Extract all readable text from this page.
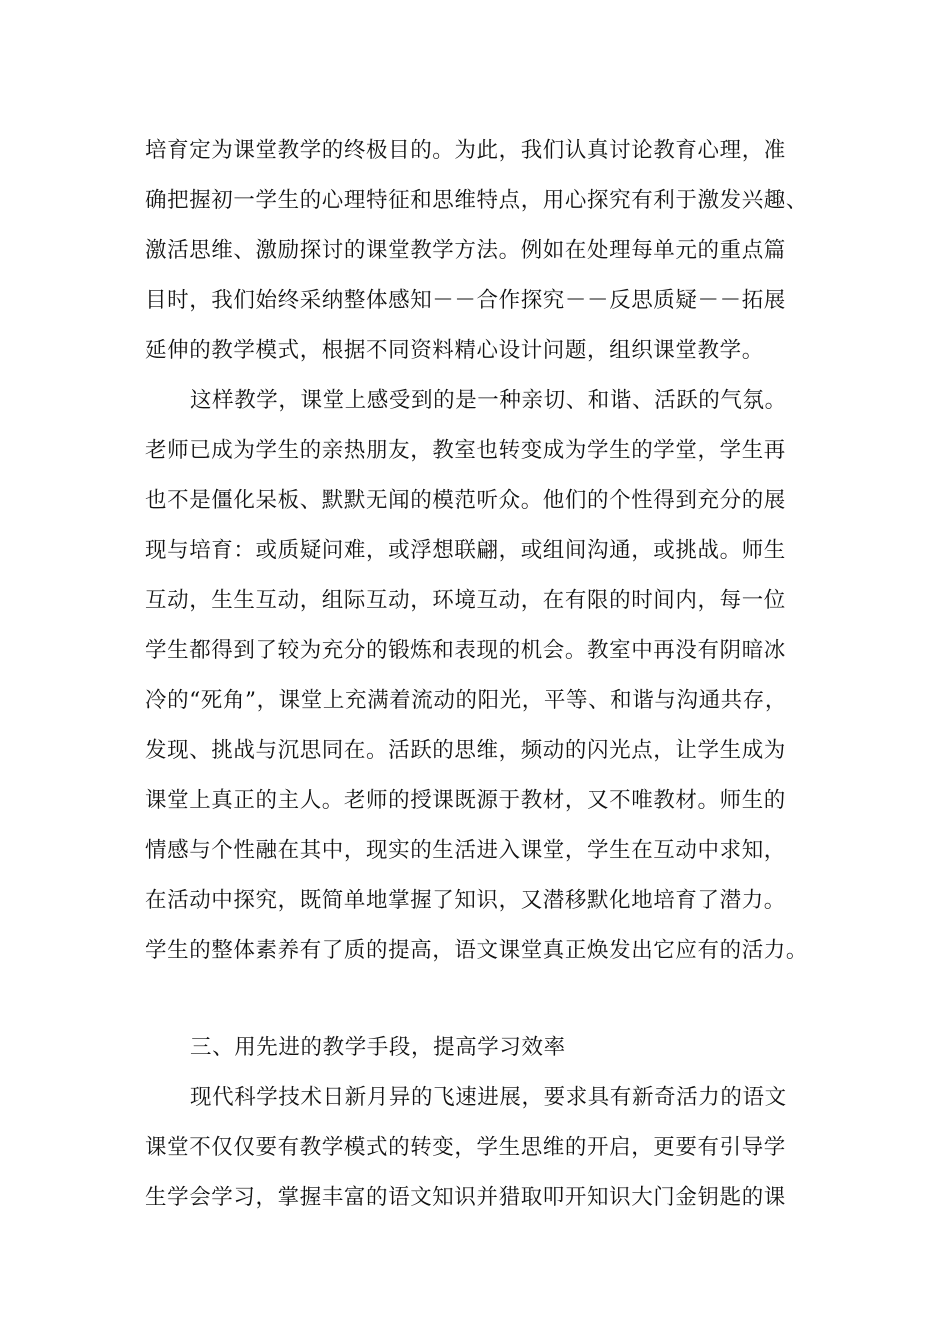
培育定为课堂教学的终极目的。为此，我们认真讨论教育心理，准
确把握初一学生的心理特征和思维特点，用心探究有利于激发兴趣、
激活思维、激励探讨的课堂教学方法。例如在处理每单元的重点篇
目时，我们始终采纳整体感知－－合作探究－－反思质疑－－拓展
延伸的教学模式，根据不同资料精心设计问题，组织课堂教学。
这样教学，课堂上感受到的是一种亲切、和谐、活跃的气氛。
老师已成为学生的亲热朋友，教室也转变成为学生的学堂，学生再
也不是僵化呆板、默默无闻的模范听众。他们的个性得到充分的展
现与培育：或质疑问难，或浮想联翩，或组间沟通，或挑战。师生
互动，生生互动，组际互动，环境互动，在有限的时间内，每一位
学生都得到了较为充分的锻炼和表现的机会。教室中再没有阴暗冰
冷的“死角”，课堂上充满着流动的阳光，平等、和谐与沟通共存，
发现、挑战与沉思同在。活跃的思维，频动的闪光点，让学生成为
课堂上真正的主人。老师的授课既源于教材，又不唯教材。师生的
情感与个性融在其中，现实的生活进入课堂，学生在互动中求知，
在活动中探究，既简单地掌握了知识，又潜移默化地培育了潜力。
学生的整体素养有了质的提高，语文课堂真正焕发出它应有的活力。
三、用先进的教学手段，提高学习效率
现代科学技术日新月异的飞速进展，要求具有新奇活力的语文
课堂不仅仅要有教学模式的转变，学生思维的开启，更要有引导学
生学会学习，掌握丰富的语文知识并猎取叩开知识大门金钥匙的课
